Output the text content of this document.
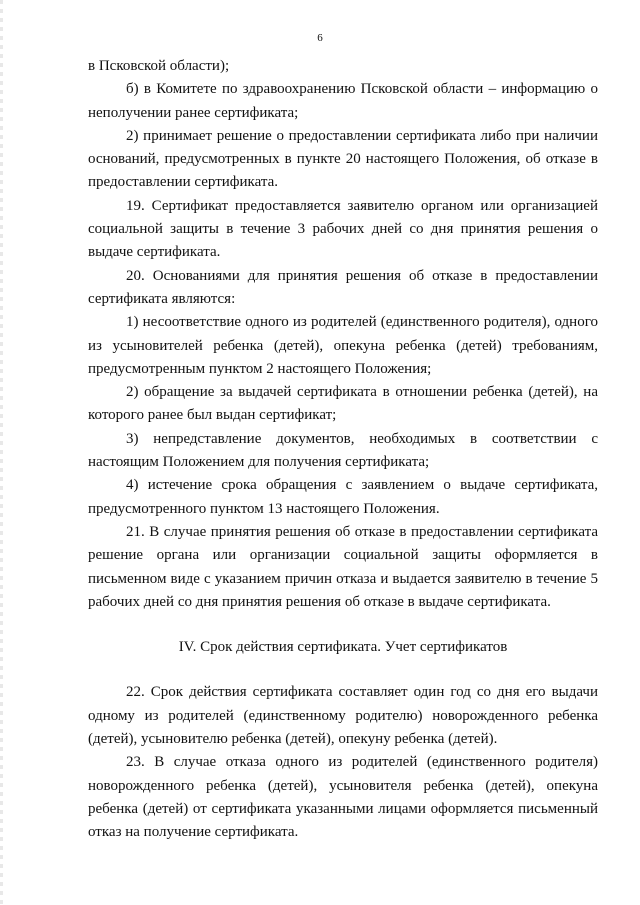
6

в Псковской области);

б) в Комитете по здравоохранению Псковской области – информацию о неполучении ранее сертификата;

2) принимает решение о предоставлении сертификата либо при наличии оснований, предусмотренных в пункте 20 настоящего Положения, об отказе в предоставлении сертификата.

19. Сертификат предоставляется заявителю органом или организацией социальной защиты в течение 3 рабочих дней со дня принятия решения о выдаче сертификата.

20. Основаниями для принятия решения об отказе в предоставлении сертификата являются:

1) несоответствие одного из родителей (единственного родителя), одного из усыновителей ребенка (детей), опекуна ребенка (детей) требованиям, предусмотренным пунктом 2 настоящего Положения;

2) обращение за выдачей сертификата в отношении ребенка (детей), на которого ранее был выдан сертификат;

3) непредставление документов, необходимых в соответствии с настоящим Положением для получения сертификата;

4) истечение срока обращения с заявлением о выдаче сертификата, предусмотренного пунктом 13 настоящего Положения.

21. В случае принятия решения об отказе в предоставлении сертификата решение органа или организации социальной защиты оформляется в письменном виде с указанием причин отказа и выдается заявителю в течение 5 рабочих дней со дня принятия решения об отказе в выдаче сертификата.

IV. Срок действия сертификата. Учет сертификатов

22. Срок действия сертификата составляет один год со дня его выдачи одному из родителей (единственному родителю) новорожденного ребенка (детей), усыновителю ребенка (детей), опекуну ребенка (детей).

23. В случае отказа одного из родителей (единственного родителя) новорожденного ребенка (детей), усыновителя ребенка (детей), опекуна ребенка (детей) от сертификата указанными лицами оформляется письменный отказ на получение сертификата.
